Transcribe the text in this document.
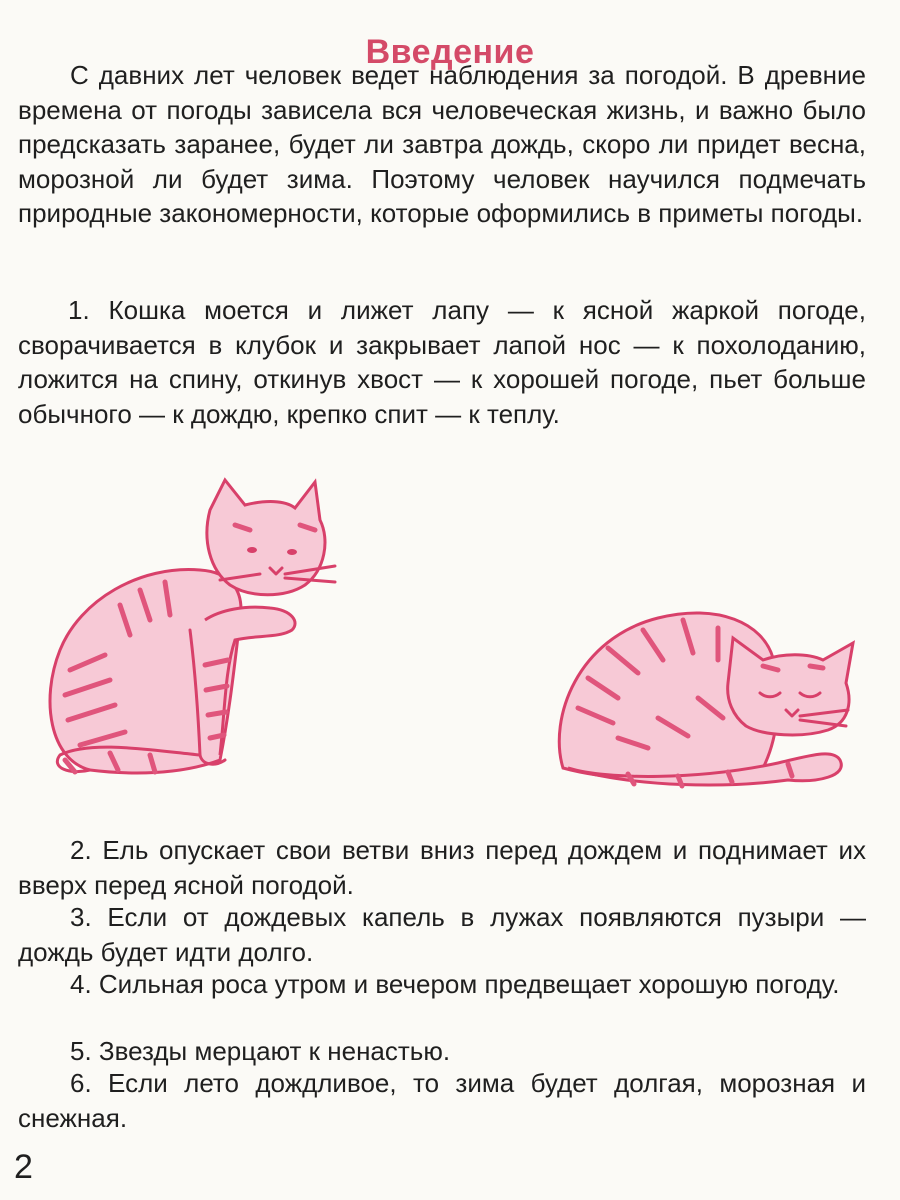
Введение

С давних лет человек ведет наблюдения за погодой. В древние времена от погоды зависела вся человеческая жизнь, и важно было предсказать заранее, будет ли завтра дождь, скоро ли придет весна, морозной ли будет зима. Поэтому человек научился подмечать природные закономерности, которые оформились в приметы погоды.

1. Кошка моется и лижет лапу — к ясной жаркой погоде, сворачивается в клубок и закрывает лапой нос — к похолоданию, ложится на спину, откинув хвост — к хорошей погоде, пьет больше обычного — к дождю, крепко спит — к теплу.

2. Ель опускает свои ветви вниз перед дождем и поднимает их вверх перед ясной погодой.

3. Если от дождевых капель в лужах появляются пузыри — дождь будет идти долго.

4. Сильная роса утром и вечером предвещает хорошую погоду.

5. Звезды мерцают к ненастью.

6. Если лето дождливое, то зима будет долгая, морозная и снежная.

2
